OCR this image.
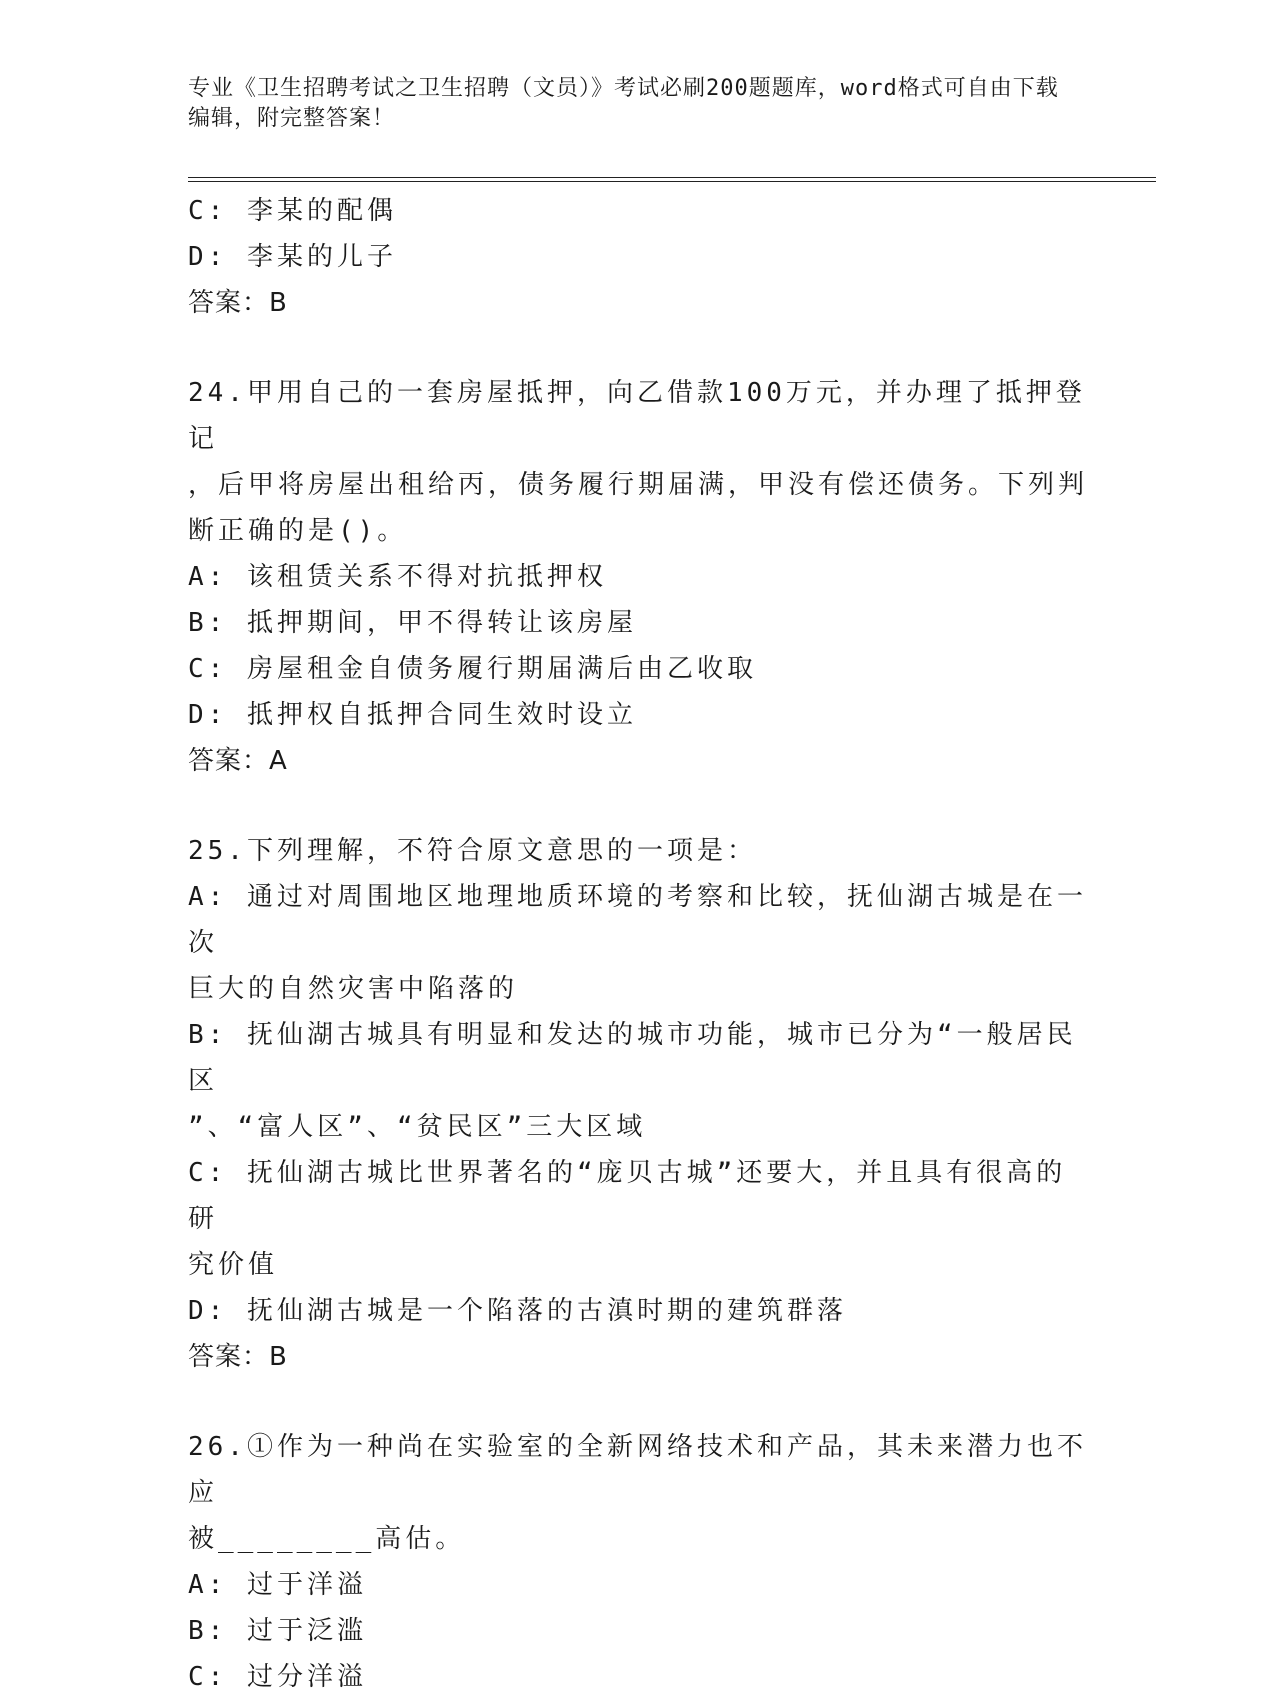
专业《卫生招聘考试之卫生招聘（文员）》考试必刷200题题库，word格式可自由下载编辑，附完整答案！
C: 李某的配偶
D: 李某的儿子
答案：B
24.甲用自己的一套房屋抵押，向乙借款100万元，并办理了抵押登记
，后甲将房屋出租给丙，债务履行期届满，甲没有偿还债务。下列判
断正确的是()。
A: 该租赁关系不得对抗抵押权
B: 抵押期间，甲不得转让该房屋
C: 房屋租金自债务履行期届满后由乙收取
D: 抵押权自抵押合同生效时设立
答案：A
25.下列理解，不符合原文意思的一项是：
A: 通过对周围地区地理地质环境的考察和比较，抚仙湖古城是在一次
巨大的自然灾害中陷落的
B: 抚仙湖古城具有明显和发达的城市功能，城市已分为“一般居民区
”、“富人区”、“贫民区”三大区域
C: 抚仙湖古城比世界著名的“庞贝古城”还要大，并且具有很高的研
究价值
D: 抚仙湖古城是一个陷落的古滇时期的建筑群落
答案：B
26.①作为一种尚在实验室的全新网络技术和产品，其未来潜力也不应
被________高估。
A: 过于洋溢
B: 过于泛滥
C: 过分洋溢
